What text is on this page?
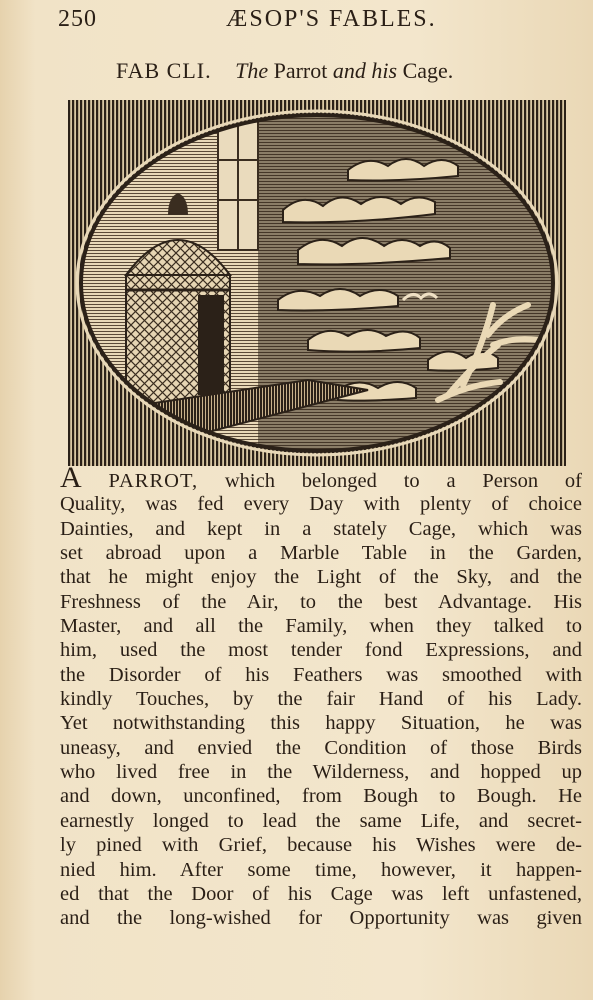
250	ÆSOP'S FABLES.
FAB CLI. The Parrot and his Cage.
A PARROT, which belonged to a Person of
Quality, was fed every Day with plenty of choice
Dainties, and kept in a stately Cage, which was
set abroad upon a Marble Table in the Garden,
that he might enjoy the Light of the Sky, and the
Freshness of the Air, to the best Advantage. His
Master, and all the Family, when they talked to
him, used the most tender fond Expressions, and
the Disorder of his Feathers was smoothed with
kindly Touches, by the fair Hand of his Lady.
Yet notwithstanding this happy Situation, he was
uneasy, and envied the Condition of those Birds
who lived free in the Wilderness, and hopped up
and down, unconfined, from Bough to Bough. He
earnestly longed to lead the same Life, and secret-
ly pined with Grief, because his Wishes were de-
nied him. After some time, however, it happen-
ed that the Door of his Cage was left unfastened,
and the long-wished for Opportunity was given
